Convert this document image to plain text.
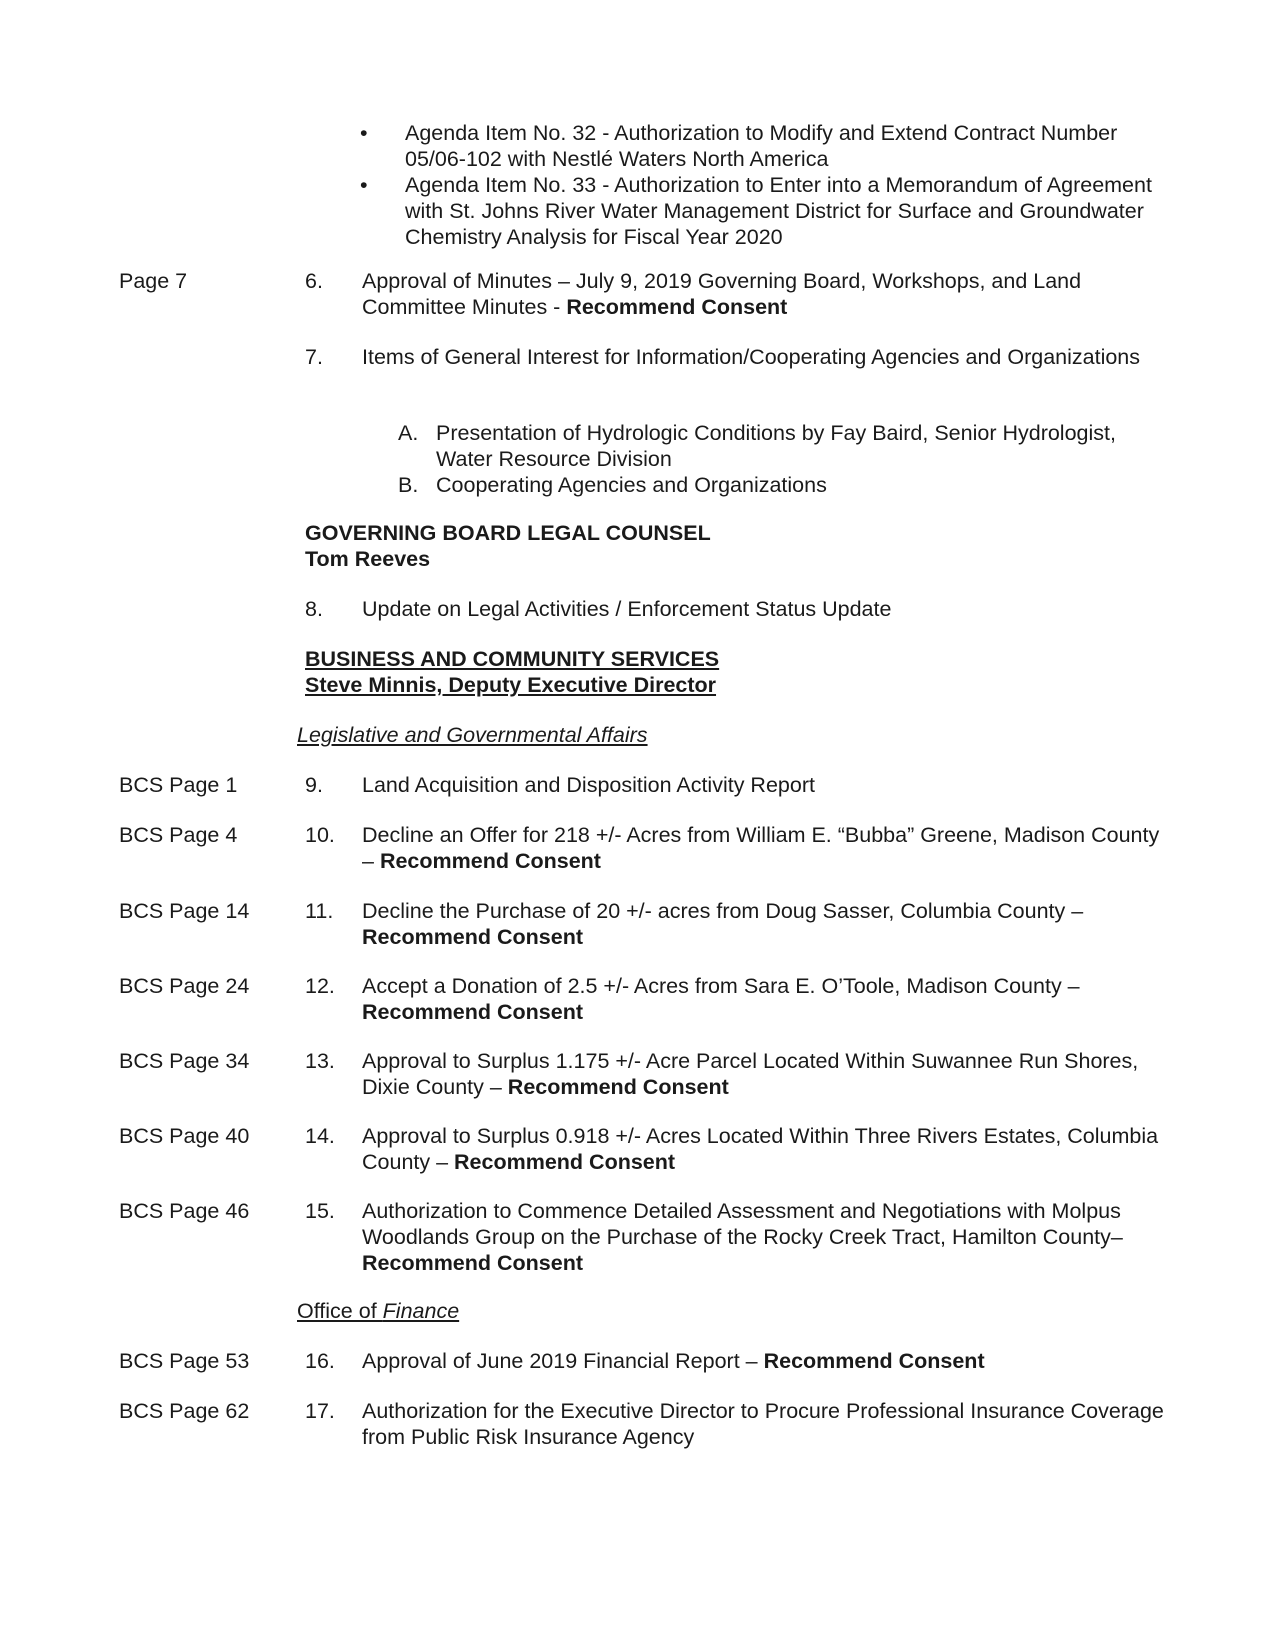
• Agenda Item No. 32 - Authorization to Modify and Extend Contract Number 05/06-102 with Nestlé Waters North America
• Agenda Item No. 33 - Authorization to Enter into a Memorandum of Agreement with St. Johns River Water Management District for Surface and Groundwater Chemistry Analysis for Fiscal Year 2020
Page 7	6. Approval of Minutes – July 9, 2019 Governing Board, Workshops, and Land Committee Minutes - Recommend Consent
7. Items of General Interest for Information/Cooperating Agencies and Organizations
A. Presentation of Hydrologic Conditions by Fay Baird, Senior Hydrologist, Water Resource Division
B. Cooperating Agencies and Organizations
GOVERNING BOARD LEGAL COUNSEL
Tom Reeves
8. Update on Legal Activities / Enforcement Status Update
BUSINESS AND COMMUNITY SERVICES
Steve Minnis, Deputy Executive Director
Legislative and Governmental Affairs
BCS Page 1	9. Land Acquisition and Disposition Activity Report
BCS Page 4	10. Decline an Offer for 218 +/- Acres from William E. “Bubba” Greene, Madison County – Recommend Consent
BCS Page 14	11. Decline the Purchase of 20 +/- acres from Doug Sasser, Columbia County – Recommend Consent
BCS Page 24	12. Accept a Donation of 2.5 +/- Acres from Sara E. O’Toole, Madison County – Recommend Consent
BCS Page 34	13. Approval to Surplus 1.175 +/- Acre Parcel Located Within Suwannee Run Shores, Dixie County – Recommend Consent
BCS Page 40	14. Approval to Surplus 0.918 +/- Acres Located Within Three Rivers Estates, Columbia County – Recommend Consent
BCS Page 46	15. Authorization to Commence Detailed Assessment and Negotiations with Molpus Woodlands Group on the Purchase of the Rocky Creek Tract, Hamilton County– Recommend Consent
Office of Finance
BCS Page 53	16. Approval of June 2019 Financial Report – Recommend Consent
BCS Page 62	17. Authorization for the Executive Director to Procure Professional Insurance Coverage from Public Risk Insurance Agency
